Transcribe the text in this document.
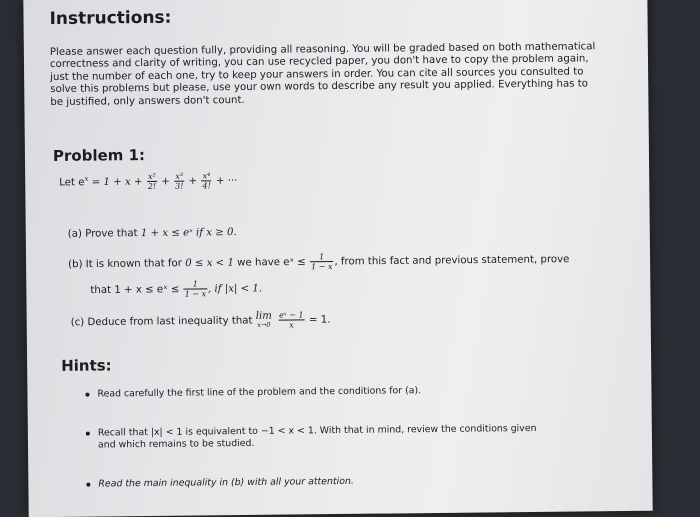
Instructions:
Please answer each question fully, providing all reasoning. You will be graded based on both mathematical
correctness and clarity of writing, you can use recycled paper, you don't have to copy the problem again,
just the number of each one, try to keep your answers in order. You can cite all sources you consulted to
solve this problems but please, use your own words to describe any result you applied. Everything has to
be justified, only answers don't count.
Problem 1:
Let $e^x = 1 + x + \frac{\text{x²}}{2!} + \frac{\text{x³}}{3!} + \frac{\text{x⁴}}{4!}$ + ···
(a) Prove that 1 + x ≤ eˣ if x ≥ 0.
(b) It is known that for 0 ≤ x < 1 we have eˣ ≤ $\frac{1}{1 - x}$ , from this fact and previous statement, prove
that 1 + x ≤ eˣ ≤ $\frac{1}{1 - x}$ , if |x| < 1.
(c) Deduce from last inequality that lim
x→0
$\frac{\text{eˣ − 1}}{x} = 1$.
Hints:
Read carefully the first line of the problem and the conditions for (a).
Recall that |x| < 1 is equivalent to −1 < x < 1. With that in mind, review the conditions given
and which remains to be studied.
Read the main inequality in (b) with all your attention.
